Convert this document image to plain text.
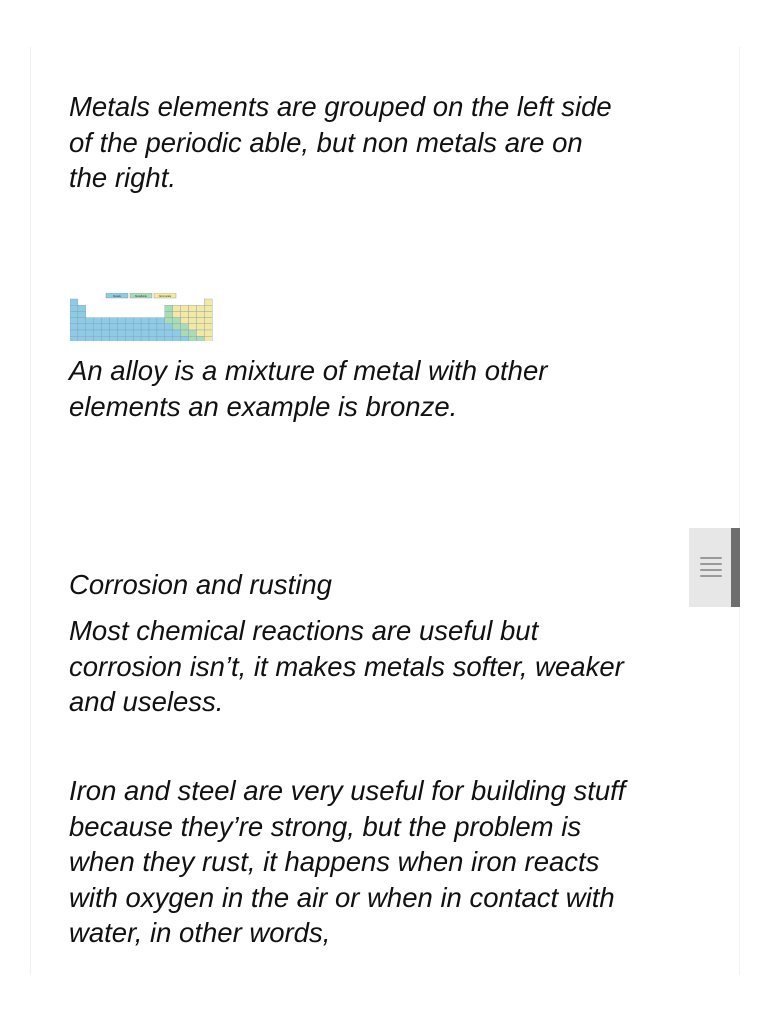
Metals elements are grouped on the left side
of the periodic able, but non metals are on
the right.

Metals	Metalloids	Nonmetals

An alloy is a mixture of metal with other
elements an example is bronze.

Corrosion and rusting

Most chemical reactions are useful but
corrosion isn’t, it makes metals softer, weaker
and useless.

Iron and steel are very useful for building stuff
because they’re strong, but the problem is
when they rust, it happens when iron reacts
with oxygen in the air or when in contact with
water, in other words,
